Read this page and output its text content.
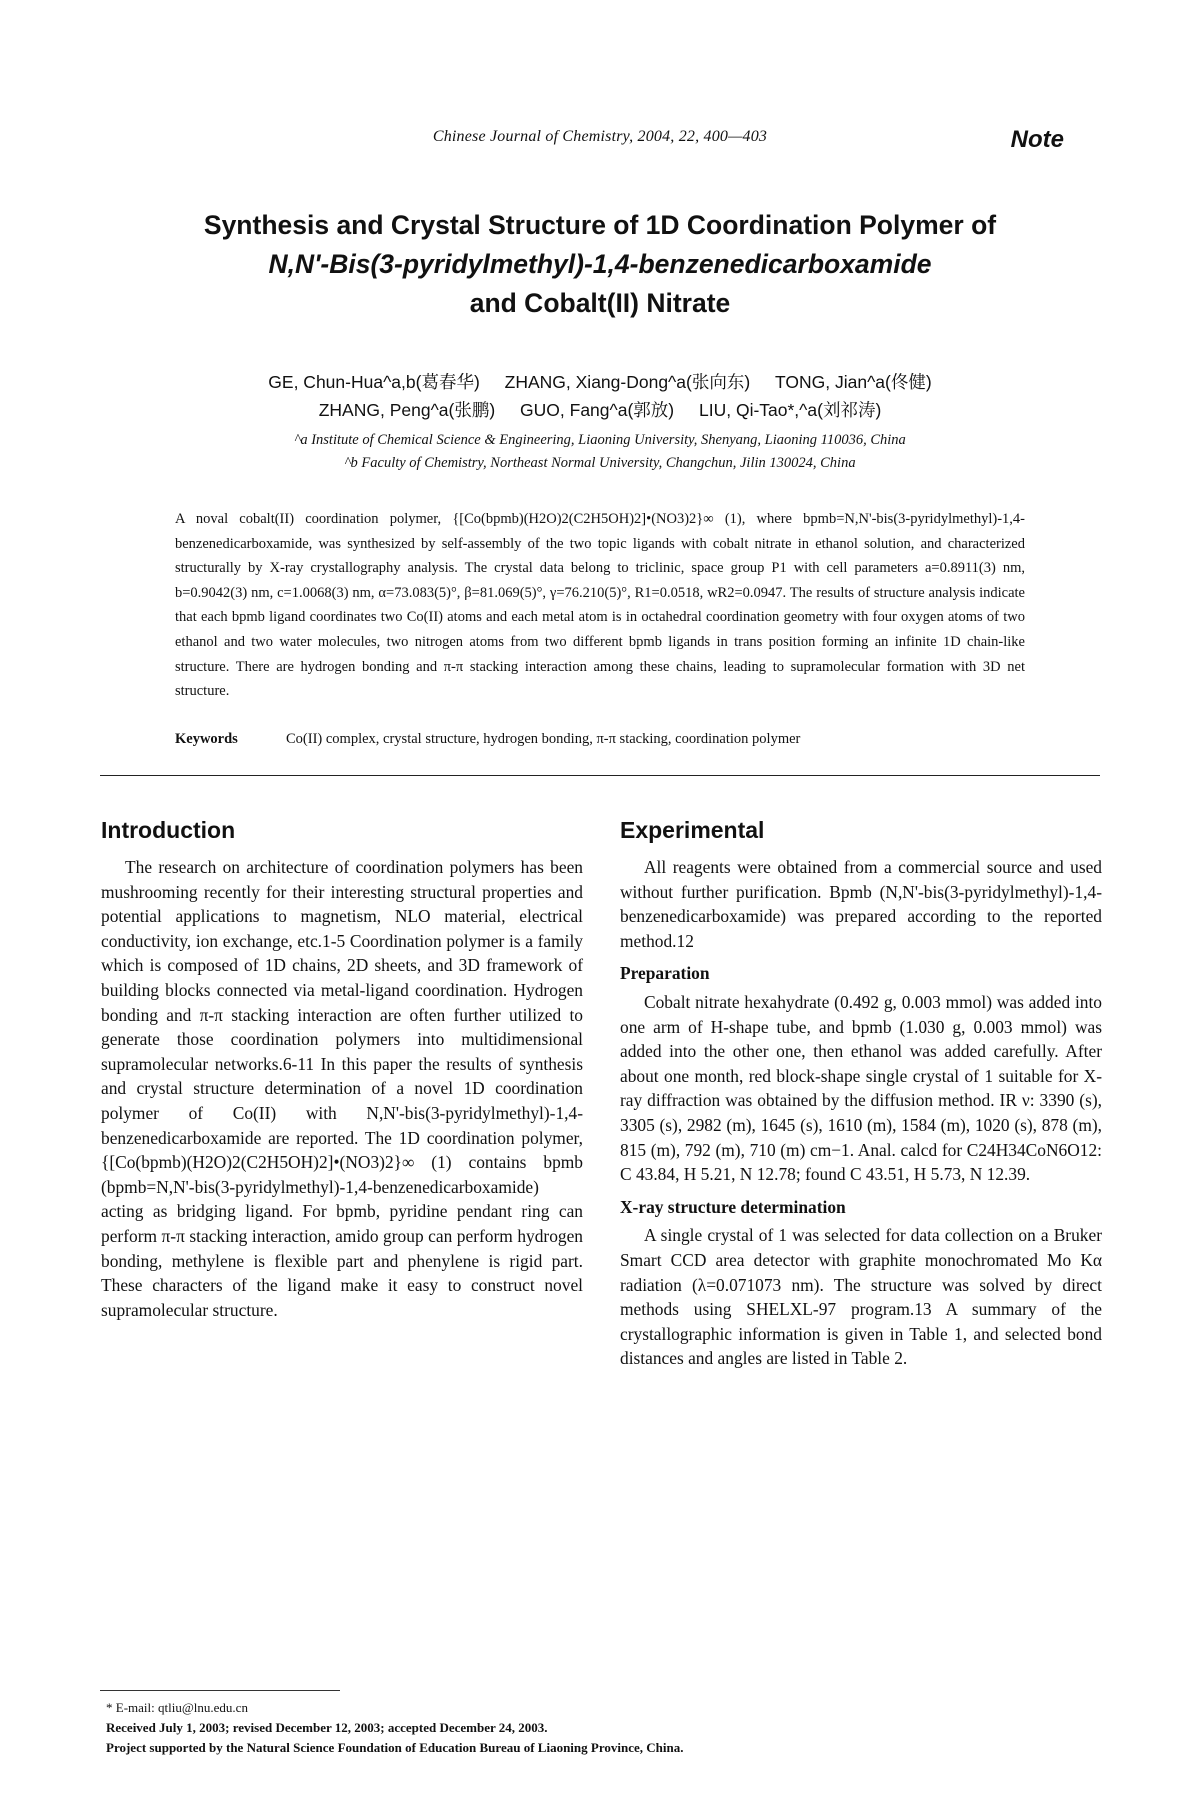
Chinese Journal of Chemistry, 2004, 22, 400—403	Note
Synthesis and Crystal Structure of 1D Coordination Polymer of
N,N'-Bis(3-pyridylmethyl)-1,4-benzenedicarboxamide
and Cobalt(II) Nitrate
GE, Chun-Hua^a,b(葛春华) ZHANG, Xiang-Dong^a(张向东) TONG, Jian^a(佟健)
ZHANG, Peng^a(张鹏) GUO, Fang^a(郭放) LIU, Qi-Tao*,^a(刘祁涛)
^a Institute of Chemical Science & Engineering, Liaoning University, Shenyang, Liaoning 110036, China
^b Faculty of Chemistry, Northeast Normal University, Changchun, Jilin 130024, China
A noval cobalt(II) coordination polymer, {[Co(bpmb)(H2O)2(C2H5OH)2]•(NO3)2}∞ (1), where bpmb=N,N'-bis(3-pyridylmethyl)-1,4-benzenedicarboxamide, was synthesized by self-assembly of the two topic ligands with cobalt nitrate in ethanol solution, and characterized structurally by X-ray crystallography analysis. The crystal data belong to triclinic, space group P1 with cell parameters a=0.8911(3) nm, b=0.9042(3) nm, c=1.0068(3) nm, α=73.083(5)°, β=81.069(5)°, γ=76.210(5)°, R1=0.0518, wR2=0.0947. The results of structure analysis indicate that each bpmb ligand coordinates two Co(II) atoms and each metal atom is in octahedral coordination geometry with four oxygen atoms of two ethanol and two water molecules, two nitrogen atoms from two different bpmb ligands in trans position forming an infinite 1D chain-like structure. There are hydrogen bonding and π-π stacking interaction among these chains, leading to supramolecular formation with 3D net structure.
Keywords	Co(II) complex, crystal structure, hydrogen bonding, π-π stacking, coordination polymer
Introduction

The research on architecture of coordination polymers has been mushrooming recently for their interesting structural properties and potential applications to magnetism, NLO material, electrical conductivity, ion exchange, etc.1-5 Coordination polymer is a family which is composed of 1D chains, 2D sheets, and 3D framework of building blocks connected via metal-ligand coordination. Hydrogen bonding and π-π stacking interaction are often further utilized to generate those coordination polymers into multidimensional supramolecular networks.6-11 In this paper the results of synthesis and crystal structure determination of a novel 1D coordination polymer of Co(II) with N,N'-bis(3-pyridylmethyl)-1,4-benzenedicarboxamide are reported. The 1D coordination polymer, {[Co(bpmb)(H2O)2(C2H5OH)2]•(NO3)2}∞ (1) contains bpmb (bpmb=N,N'-bis(3-pyridylmethyl)-1,4-benzenedicarboxamide) acting as bridging ligand. For bpmb, pyridine pendant ring can perform π-π stacking interaction, amido group can perform hydrogen bonding, methylene is flexible part and phenylene is rigid part. These characters of the ligand make it easy to construct novel supramolecular structure.

Experimental

All reagents were obtained from a commercial source and used without further purification. Bpmb (N,N'-bis(3-pyridylmethyl)-1,4-benzenedicarboxamide) was prepared according to the reported method.12

Preparation

Cobalt nitrate hexahydrate (0.492 g, 0.003 mmol) was added into one arm of H-shape tube, and bpmb (1.030 g, 0.003 mmol) was added into the other one, then ethanol was added carefully. After about one month, red block-shape single crystal of 1 suitable for X-ray diffraction was obtained by the diffusion method. IR ν: 3390 (s), 3305 (s), 2982 (m), 1645 (s), 1610 (m), 1584 (m), 1020 (s), 878 (m), 815 (m), 792 (m), 710 (m) cm−1. Anal. calcd for C24H34CoN6O12: C 43.84, H 5.21, N 12.78; found C 43.51, H 5.73, N 12.39.

X-ray structure determination

A single crystal of 1 was selected for data collection on a Bruker Smart CCD area detector with graphite monochromated Mo Kα radiation (λ=0.071073 nm). The structure was solved by direct methods using SHELXL-97 program.13 A summary of the crystallographic information is given in Table 1, and selected bond distances and angles are listed in Table 2.

* E-mail: qtliu@lnu.edu.cn
Received July 1, 2003; revised December 12, 2003; accepted December 24, 2003.
Project supported by the Natural Science Foundation of Education Bureau of Liaoning Province, China.
